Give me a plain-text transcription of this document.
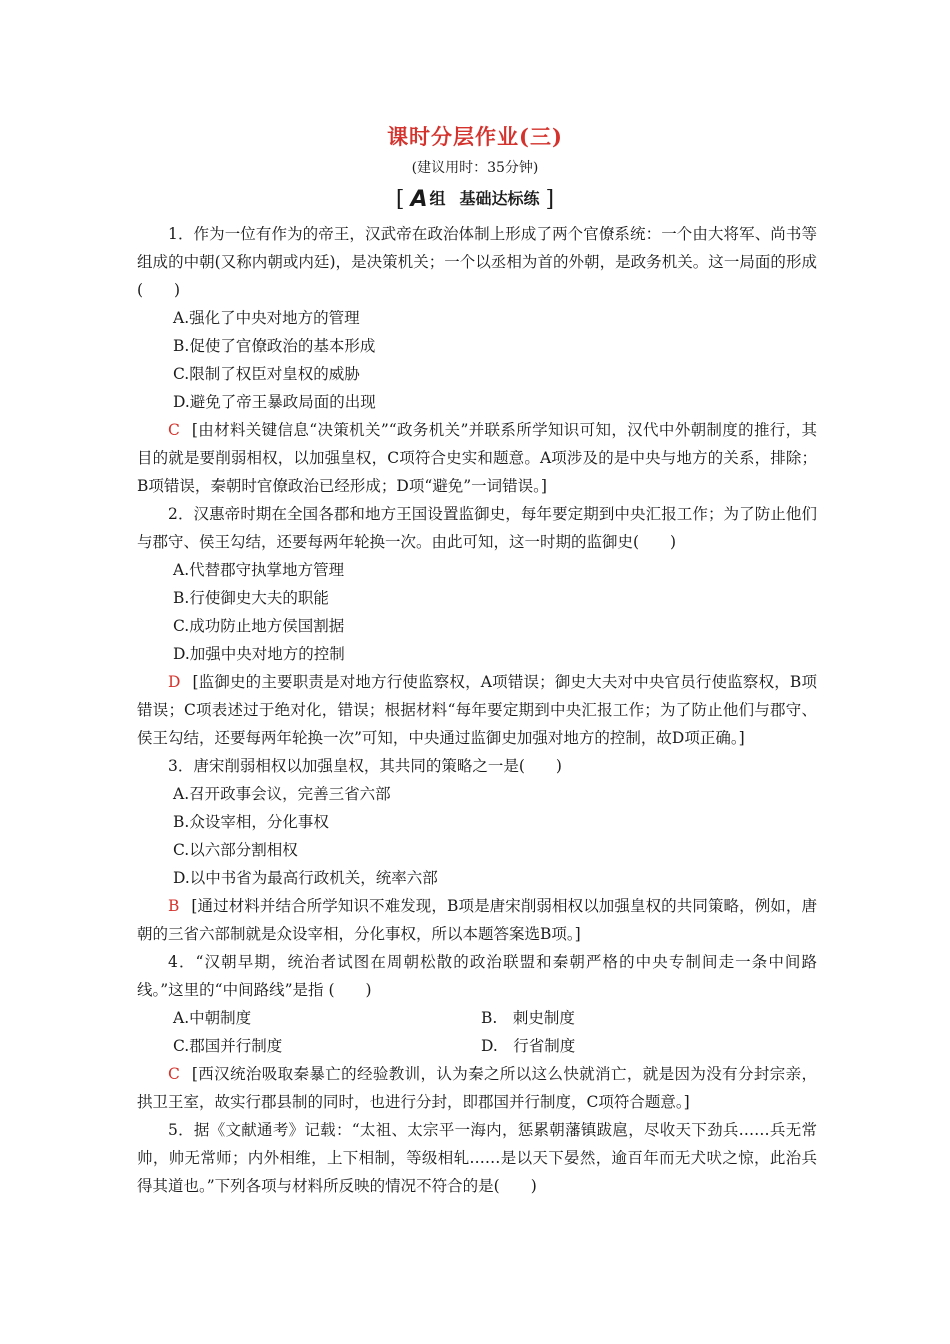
课时分层作业(三)
(建议用时：35分钟)
[ A 组 基础达标练 ]

1．作为一位有作为的帝王，汉武帝在政治体制上形成了两个官僚系统：一个由大将军、尚书等组成的中朝(又称内朝或内廷)，是决策机关；一个以丞相为首的外朝，是政务机关。这一局面的形成(　　)

A.强化了中央对地方的管理

B.促使了官僚政治的基本形成

C.限制了权臣对皇权的威胁

D.避免了帝王暴政局面的出现

C [由材料关键信息“决策机关”“政务机关”并联系所学知识可知，汉代中外朝制度的推行，其目的就是要削弱相权，以加强皇权，C项符合史实和题意。A项涉及的是中央与地方的关系，排除；B项错误，秦朝时官僚政治已经形成；D项“避免”一词错误。]

2．汉惠帝时期在全国各郡和地方王国设置监御史，每年要定期到中央汇报工作；为了防止他们与郡守、侯王勾结，还要每两年轮换一次。由此可知，这一时期的监御史(　　)

A.代替郡守执掌地方管理

B.行使御史大夫的职能

C.成功防止地方侯国割据

D.加强中央对地方的控制

D [监御史的主要职责是对地方行使监察权，A项错误；御史大夫对中央官员行使监察权，B项错误；C项表述过于绝对化，错误；根据材料“每年要定期到中央汇报工作；为了防止他们与郡守、侯王勾结，还要每两年轮换一次”可知，中央通过监御史加强对地方的控制，故D项正确。]

3．唐宋削弱相权以加强皇权，其共同的策略之一是(　　)

A.召开政事会议，完善三省六部

B.众设宰相，分化事权

C.以六部分割相权

D.以中书省为最高行政机关，统率六部

B [通过材料并结合所学知识不难发现，B项是唐宋削弱相权以加强皇权的共同策略，例如，唐朝的三省六部制就是众设宰相，分化事权，所以本题答案选B项。]

4．“汉朝早期，统治者试图在周朝松散的政治联盟和秦朝严格的中央专制间走一条中间路线。”这里的“中间路线”是指 (　　)

A.中朝制度	B.　刺史制度
C.郡国并行制度	D.　行省制度

C [西汉统治吸取秦暴亡的经验教训，认为秦之所以这么快就消亡，就是因为没有分封宗亲，拱卫王室，故实行郡县制的同时，也进行分封，即郡国并行制度，C项符合题意。]

5．据《文献通考》记载：“太祖、太宗平一海内，惩累朝藩镇跋扈，尽收天下劲兵……兵无常帅，帅无常师；内外相维，上下相制，等级相轧……是以天下晏然，逾百年而无犬吠之惊，此治兵得其道也。”下列各项与材料所反映的情况不符合的是(　　)
